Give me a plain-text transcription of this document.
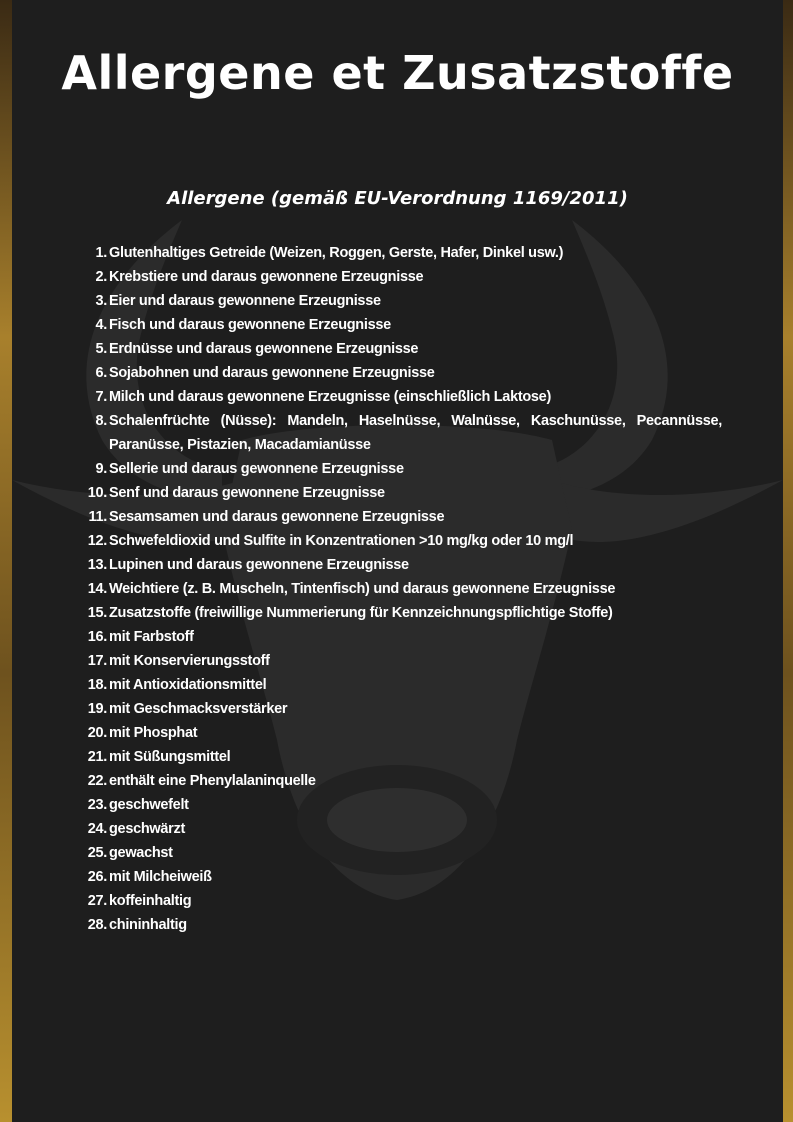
Allergene et Zusatzstoffe
Allergene (gemäß EU-Verordnung 1169/2011)
1. Glutenhaltiges Getreide (Weizen, Roggen, Gerste, Hafer, Dinkel usw.)
2. Krebstiere und daraus gewonnene Erzeugnisse
3. Eier und daraus gewonnene Erzeugnisse
4. Fisch und daraus gewonnene Erzeugnisse
5. Erdnüsse und daraus gewonnene Erzeugnisse
6. Sojabohnen und daraus gewonnene Erzeugnisse
7. Milch und daraus gewonnene Erzeugnisse (einschließlich Laktose)
8. Schalenfrüchte (Nüsse): Mandeln, Haselnüsse, Walnüsse, Kaschunüsse, Pecannüsse, Paranüsse, Pistazien, Macadamianüsse
9. Sellerie und daraus gewonnene Erzeugnisse
10. Senf und daraus gewonnene Erzeugnisse
11. Sesamsamen und daraus gewonnene Erzeugnisse
12. Schwefeldioxid und Sulfite in Konzentrationen >10 mg/kg oder 10 mg/l
13. Lupinen und daraus gewonnene Erzeugnisse
14. Weichtiere (z. B. Muscheln, Tintenfisch) und daraus gewonnene Erzeugnisse
15. Zusatzstoffe (freiwillige Nummerierung für Kennzeichnungspflichtige Stoffe)
16. mit Farbstoff
17. mit Konservierungsstoff
18. mit Antioxidationsmittel
19. mit Geschmacksverstärker
20. mit Phosphat
21. mit Süßungsmittel
22. enthält eine Phenylalaninquelle
23. geschwefelt
24. geschwärzt
25. gewachst
26. mit Milcheiweiß
27. koffeinhaltig
28. chininhaltig
